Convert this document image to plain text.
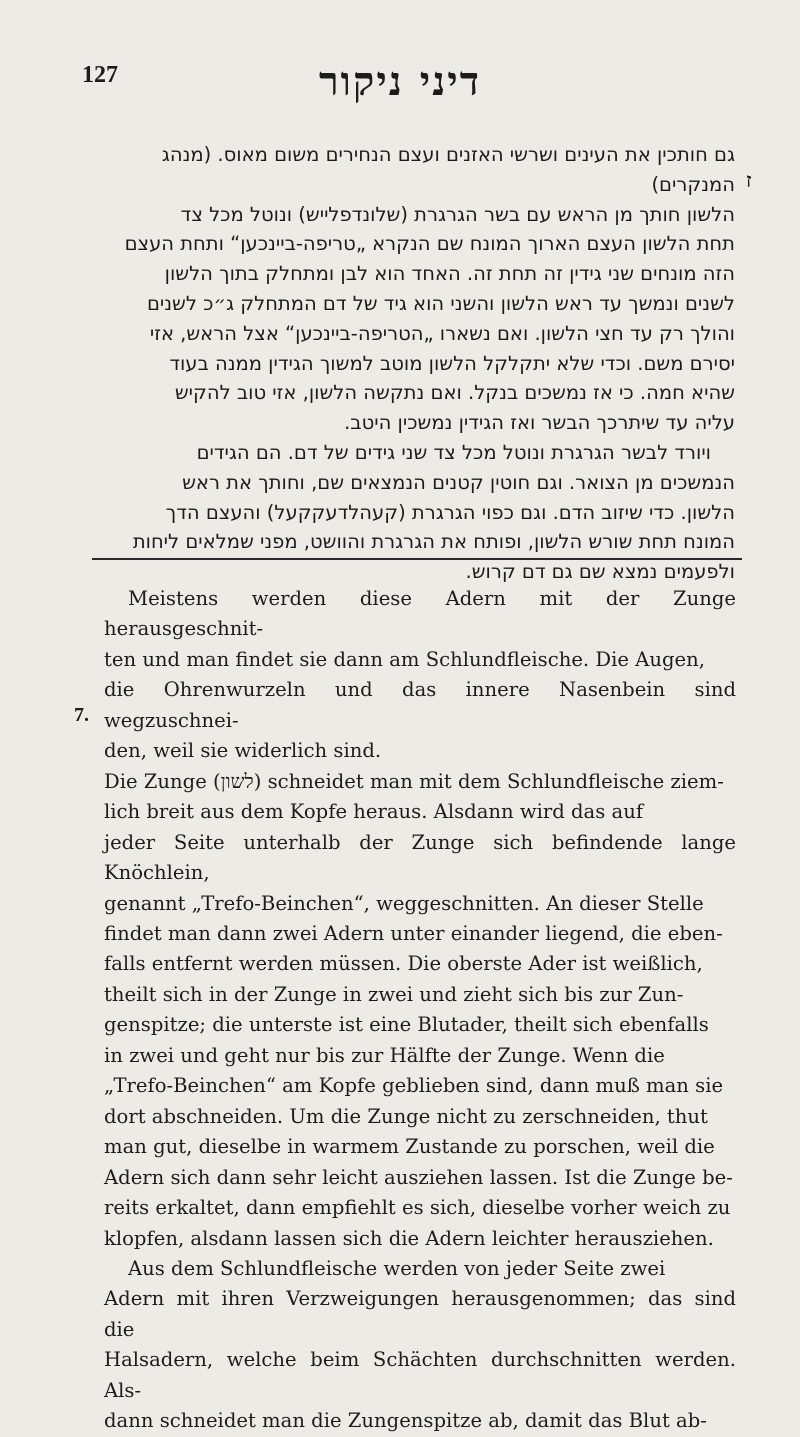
127	דיני ניקור
ז

גם חותכין את העינים ושרשי האזנים ועצם הנחירים משום מאוס. (מנהג

המנקרים)

הלשון חותך מן הראש עם בשר הגרגרת (שלונדפלייש) ונוטל מכל צד

תחת הלשון העצם הארוך המונח שם הנקרא „טריפה-ביינכען“ ותחת העצם

הזה מונחים שני גידין זה תחת זה. האחד הוא לבן ומתחלק בתוך הלשון

לשנים ונמשך עד ראש הלשון והשני הוא גיד של דם המתחלק ג״כ לשנים

והולך רק עד חצי הלשון. ואם נשארו „הטריפה-ביינכען“ אצל הראש, אזי

יסירם משם. וכדי שלא יתקלקל הלשון מוטב למשוך הגידין ממנה בעוד

שהיא חמה. כי אז נמשכים בנקל. ואם נתקשה הלשון, אזי טוב להקיש

עליה עד שיתרכך הבשר ואז הגידין נמשכין היטב.

ויורד לבשר הגרגרת ונוטל מכל צד שני גידים של דם. הם הגידים

הנמשכים מן הצואר. וגם חוטין קטנים הנמצאים שם, וחותך את ראש

הלשון. כדי שיזוב הדם. וגם כפוי הגרגרת (קעהלדעקקעל) והעצם הדך

המונח תחת שורש הלשון, ופותח את הגרגרת והוושט, מפני שמלאים ליחות

ולפעמים נמצא שם גם דם קרוש.

7.

Meistens werden diese Adern mit der Zunge herausgeschnit-

ten und man findet sie dann am Schlundfleische. Die Augen,

die Ohrenwurzeln und das innere Nasenbein sind wegzuschnei-

den, weil sie widerlich sind.

Die Zunge (לשון) schneidet man mit dem Schlundfleische ziem-

lich breit aus dem Kopfe heraus. Alsdann wird das auf

jeder Seite unterhalb der Zunge sich befindende lange Knöchlein,

genannt „Trefo-Beinchen“, weggeschnitten. An dieser Stelle

findet man dann zwei Adern unter einander liegend, die eben-

falls entfernt werden müssen. Die oberste Ader ist weißlich,

theilt sich in der Zunge in zwei und zieht sich bis zur Zun-

genspitze; die unterste ist eine Blutader, theilt sich ebenfalls

in zwei und geht nur bis zur Hälfte der Zunge. Wenn die

„Trefo-Beinchen“ am Kopfe geblieben sind, dann muß man sie

dort abschneiden. Um die Zunge nicht zu zerschneiden, thut

man gut, dieselbe in warmem Zustande zu porschen, weil die

Adern sich dann sehr leicht ausziehen lassen. Ist die Zunge be-

reits erkaltet, dann empfiehlt es sich, dieselbe vorher weich zu

klopfen, alsdann lassen sich die Adern leichter herausziehen.

Aus dem Schlundfleische werden von jeder Seite zwei

Adern mit ihren Verzweigungen herausgenommen; das sind die

Halsadern, welche beim Schächten durchschnitten werden. Als-

dann schneidet man die Zungenspitze ab, damit das Blut ab-
